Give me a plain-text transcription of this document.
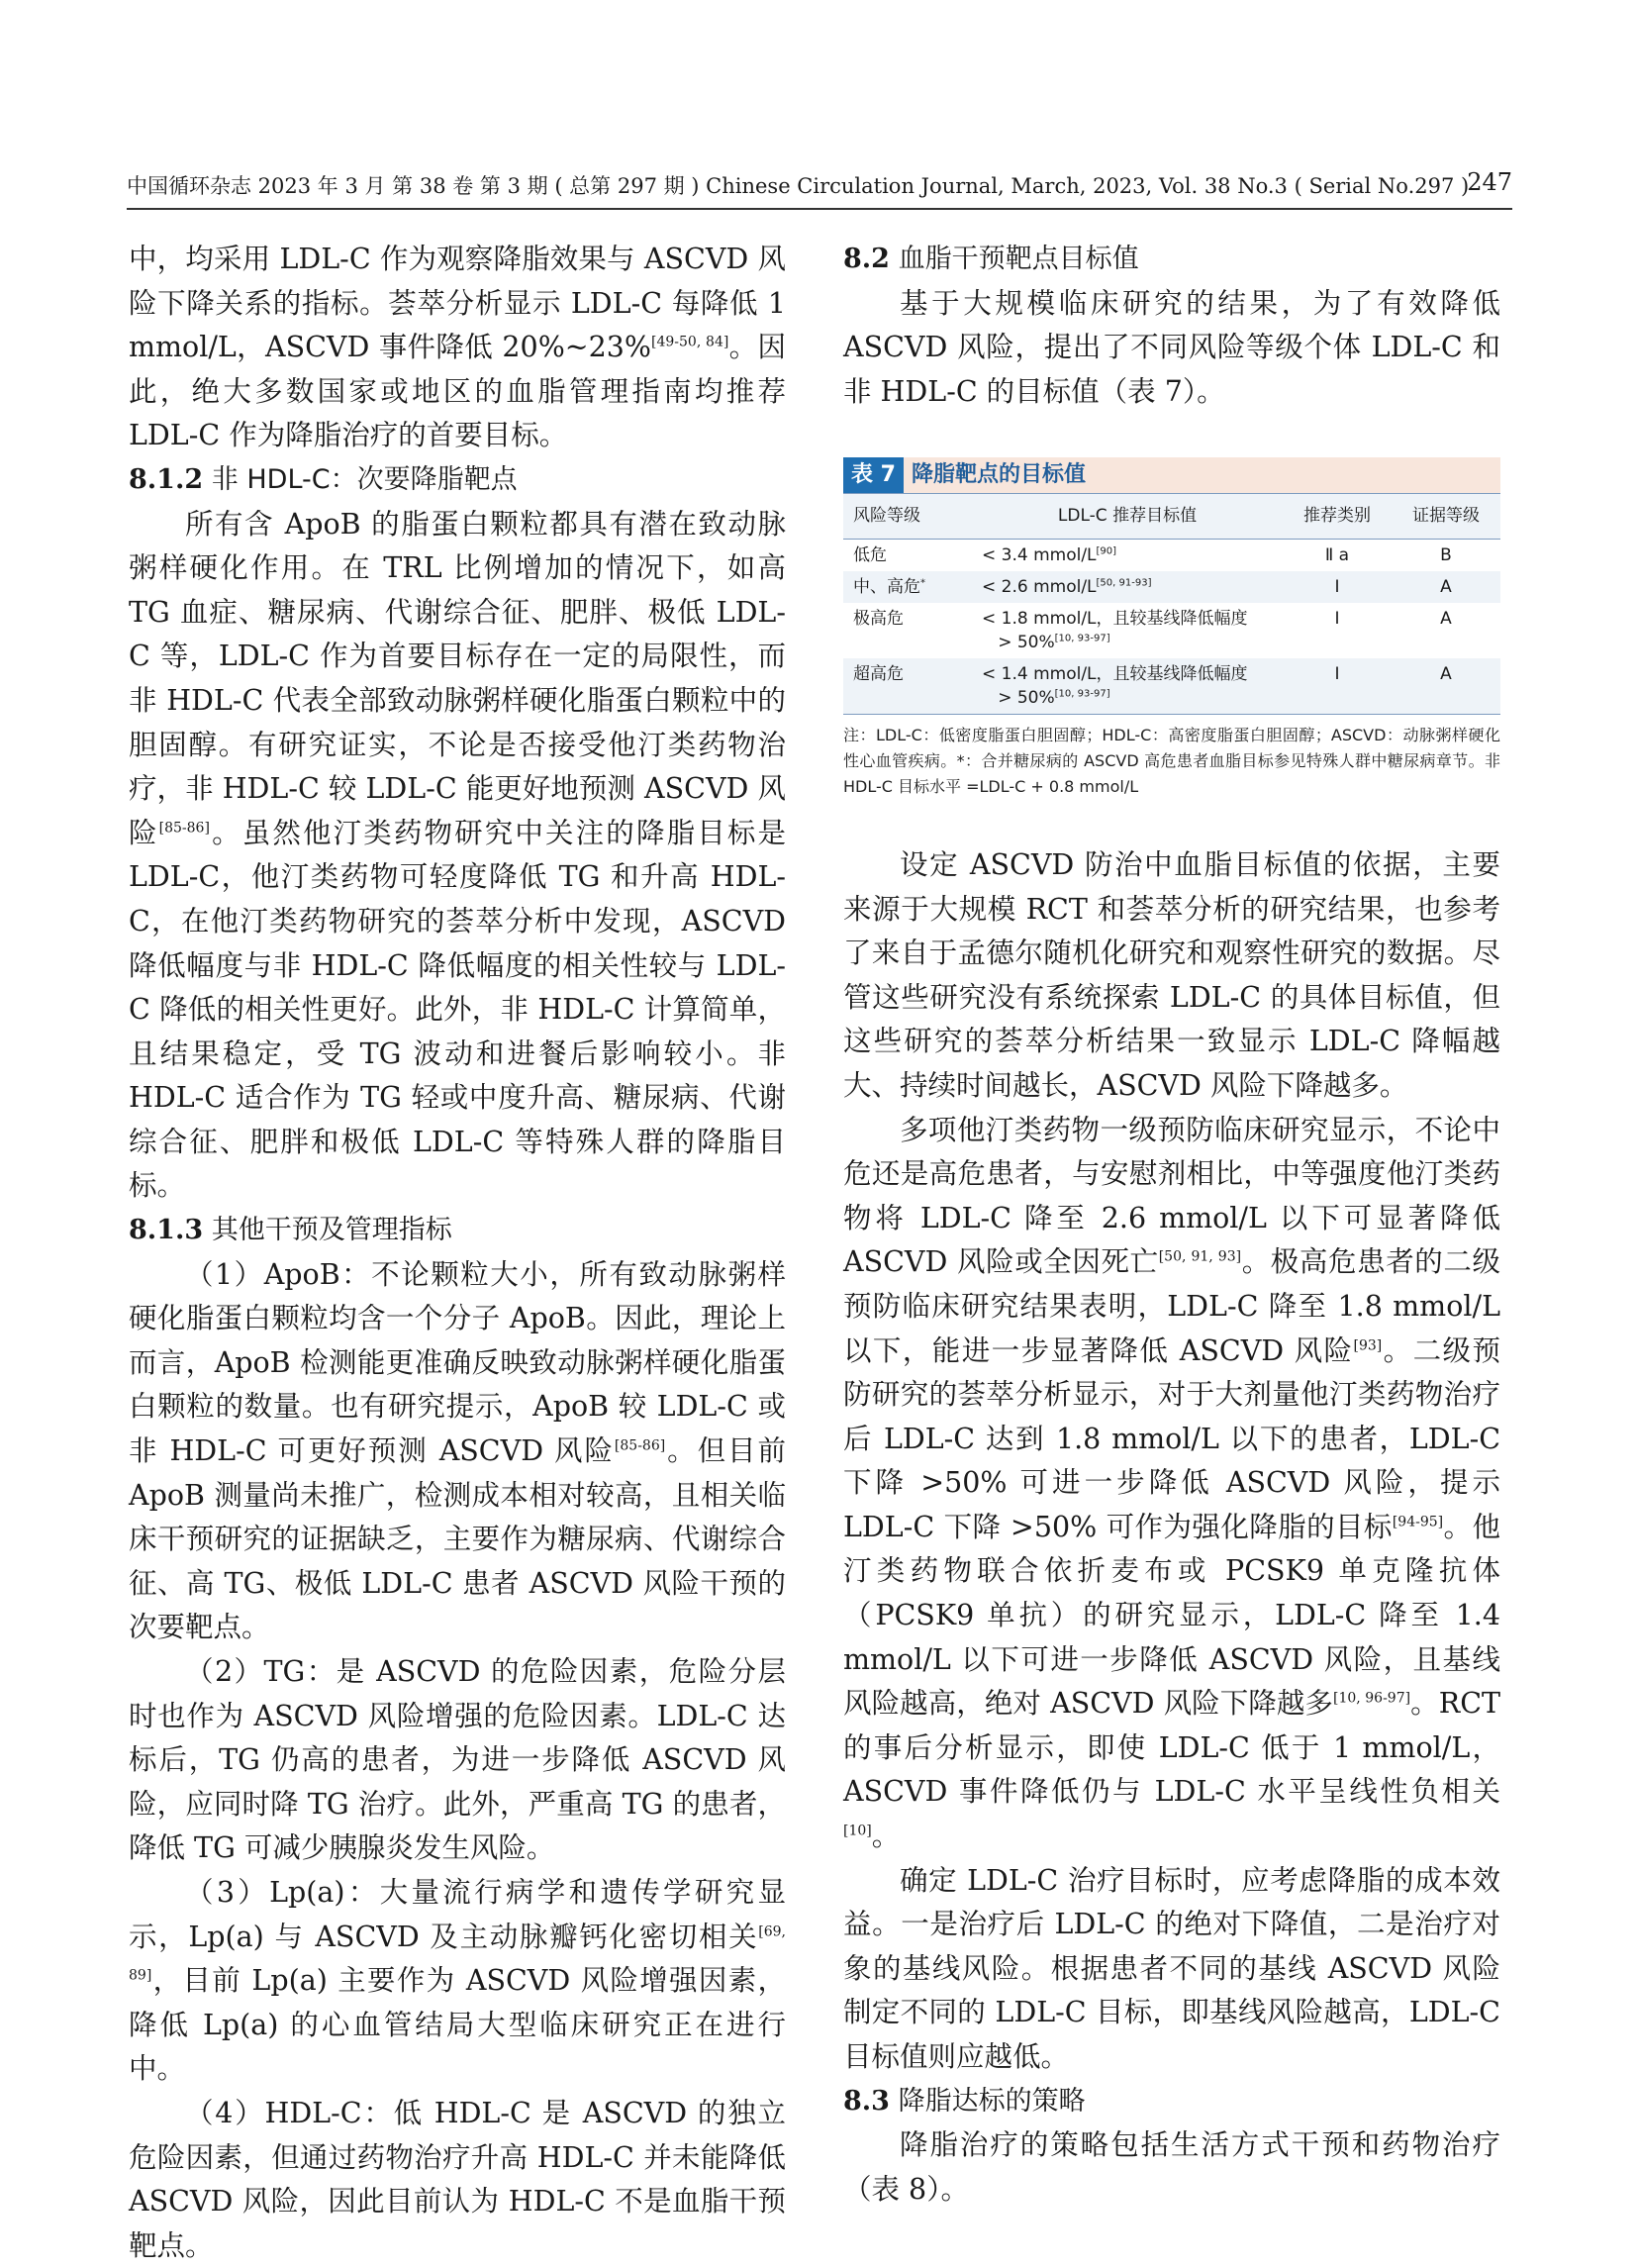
中国循环杂志 2023 年 3 月 第 38 卷 第 3 期 ( 总第 297 期 ) Chinese Circulation Journal, March, 2023, Vol. 38 No.3 ( Serial No.297 )
247

中，均采用 LDL-C 作为观察降脂效果与 ASCVD 风险下降关系的指标。荟萃分析显示 LDL-C 每降低 1 mmol/L，ASCVD 事件降低 20%~23%[49-50, 84]。因此，绝大多数国家或地区的血脂管理指南均推荐 LDL-C 作为降脂治疗的首要目标。

8.1.2 非 HDL-C：次要降脂靶点

所有含 ApoB 的脂蛋白颗粒都具有潜在致动脉粥样硬化作用。在 TRL 比例增加的情况下，如高 TG 血症、糖尿病、代谢综合征、肥胖、极低 LDL-C 等，LDL-C 作为首要目标存在一定的局限性，而非 HDL-C 代表全部致动脉粥样硬化脂蛋白颗粒中的胆固醇。有研究证实，不论是否接受他汀类药物治疗，非 HDL-C 较 LDL-C 能更好地预测 ASCVD 风险[85-86]。虽然他汀类药物研究中关注的降脂目标是 LDL-C，他汀类药物可轻度降低 TG 和升高 HDL-C，在他汀类药物研究的荟萃分析中发现，ASCVD 降低幅度与非 HDL-C 降低幅度的相关性较与 LDL-C 降低的相关性更好。此外，非 HDL-C 计算简单，且结果稳定，受 TG 波动和进餐后影响较小。非 HDL-C 适合作为 TG 轻或中度升高、糖尿病、代谢综合征、肥胖和极低 LDL-C 等特殊人群的降脂目标。

8.1.3 其他干预及管理指标

（1）ApoB：不论颗粒大小，所有致动脉粥样硬化脂蛋白颗粒均含一个分子 ApoB。因此，理论上而言，ApoB 检测能更准确反映致动脉粥样硬化脂蛋白颗粒的数量。也有研究提示，ApoB 较 LDL-C 或非 HDL-C 可更好预测 ASCVD 风险[85-86]。但目前 ApoB 测量尚未推广，检测成本相对较高，且相关临床干预研究的证据缺乏，主要作为糖尿病、代谢综合征、高 TG、极低 LDL-C 患者 ASCVD 风险干预的次要靶点。

（2）TG：是 ASCVD 的危险因素，危险分层时也作为 ASCVD 风险增强的危险因素。LDL-C 达标后，TG 仍高的患者，为进一步降低 ASCVD 风险，应同时降 TG 治疗。此外，严重高 TG 的患者，降低 TG 可减少胰腺炎发生风险。

（3）Lp(a)：大量流行病学和遗传学研究显示，Lp(a) 与 ASCVD 及主动脉瓣钙化密切相关[69, 89]，目前 Lp(a) 主要作为 ASCVD 风险增强因素，降低 Lp(a) 的心血管结局大型临床研究正在进行中。

（4）HDL-C：低 HDL-C 是 ASCVD 的独立危险因素，但通过药物治疗升高 HDL-C 并未能降低 ASCVD 风险，因此目前认为 HDL-C 不是血脂干预靶点。

8.2 血脂干预靶点目标值

基于大规模临床研究的结果，为了有效降低 ASCVD 风险，提出了不同风险等级个体 LDL-C 和非 HDL-C 的目标值（表 7）。

表 7 降脂靶点的目标值
风险等级	LDL-C 推荐目标值	推荐类别	证据等级
低危	< 3.4 mmol/L[90]	Ⅱ a	B
中、高危*	< 2.6 mmol/L[50, 91-93]	Ⅰ	A
极高危	< 1.8 mmol/L，且较基线降低幅度
> 50%[10, 93-97]	Ⅰ	A
超高危	< 1.4 mmol/L，且较基线降低幅度
> 50%[10, 93-97]	Ⅰ	A
注：LDL-C：低密度脂蛋白胆固醇；HDL-C：高密度脂蛋白胆固醇；ASCVD：动脉粥样硬化性心血管疾病。*：合并糖尿病的 ASCVD 高危患者血脂目标参见特殊人群中糖尿病章节。非 HDL-C 目标水平 =LDL-C + 0.8 mmol/L

设定 ASCVD 防治中血脂目标值的依据，主要来源于大规模 RCT 和荟萃分析的研究结果，也参考了来自于孟德尔随机化研究和观察性研究的数据。尽管这些研究没有系统探索 LDL-C 的具体目标值，但这些研究的荟萃分析结果一致显示 LDL-C 降幅越大、持续时间越长，ASCVD 风险下降越多。

多项他汀类药物一级预防临床研究显示，不论中危还是高危患者，与安慰剂相比，中等强度他汀类药物将 LDL-C 降至 2.6 mmol/L 以下可显著降低 ASCVD 风险或全因死亡[50, 91, 93]。极高危患者的二级预防临床研究结果表明，LDL-C 降至 1.8 mmol/L 以下，能进一步显著降低 ASCVD 风险[93]。二级预防研究的荟萃分析显示，对于大剂量他汀类药物治疗后 LDL-C 达到 1.8 mmol/L 以下的患者，LDL-C 下降 >50% 可进一步降低 ASCVD 风险，提示 LDL-C 下降 >50% 可作为强化降脂的目标[94-95]。他汀类药物联合依折麦布或 PCSK9 单克隆抗体（PCSK9 单抗）的研究显示，LDL-C 降至 1.4 mmol/L 以下可进一步降低 ASCVD 风险，且基线风险越高，绝对 ASCVD 风险下降越多[10, 96-97]。RCT 的事后分析显示，即使 LDL-C 低于 1 mmol/L，ASCVD 事件降低仍与 LDL-C 水平呈线性负相关[10]。

确定 LDL-C 治疗目标时，应考虑降脂的成本效益。一是治疗后 LDL-C 的绝对下降值，二是治疗对象的基线风险。根据患者不同的基线 ASCVD 风险制定不同的 LDL-C 目标，即基线风险越高，LDL-C 目标值则应越低。

8.3 降脂达标的策略

降脂治疗的策略包括生活方式干预和药物治疗（表 8）。
